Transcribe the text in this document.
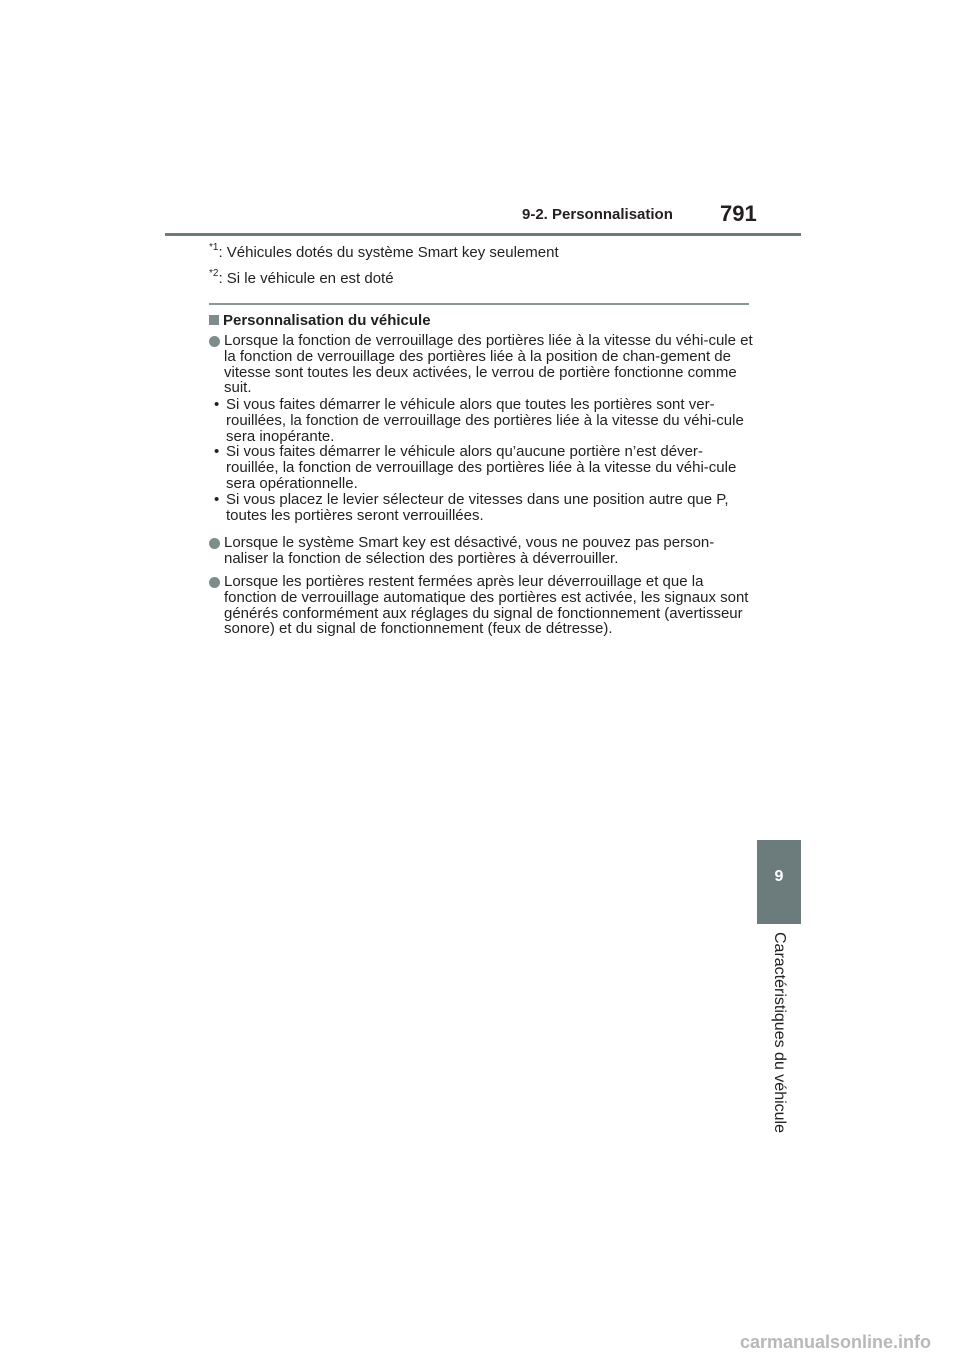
9-2. Personnalisation 791
$^{*1}$: Véhicules dotés du système Smart key seulement
$^{*2}$: Si le véhicule en est doté
Personnalisation du véhicule
Lorsque la fonction de verrouillage des portières liée à la vitesse du véhi-cule et la fonction de verrouillage des portières liée à la position de chan-gement de vitesse sont toutes les deux activées, le verrou de portière fonctionne comme suit.
• Si vous faites démarrer le véhicule alors que toutes les portières sont ver-rouillées, la fonction de verrouillage des portières liée à la vitesse du véhi-cule sera inopérante.
• Si vous faites démarrer le véhicule alors qu’aucune portière n’est déver-rouillée, la fonction de verrouillage des portières liée à la vitesse du véhi-cule sera opérationnelle.
• Si vous placez le levier sélecteur de vitesses dans une position autre que P, toutes les portières seront verrouillées.
Lorsque le système Smart key est désactivé, vous ne pouvez pas person-naliser la fonction de sélection des portières à déverrouiller.
Lorsque les portières restent fermées après leur déverrouillage et que la fonction de verrouillage automatique des portières est activée, les signaux sont générés conformément aux réglages du signal de fonctionnement (avertisseur sonore) et du signal de fonctionnement (feux de détresse).
9
Caractéristiques du véhicule
carmanualsonline.info
